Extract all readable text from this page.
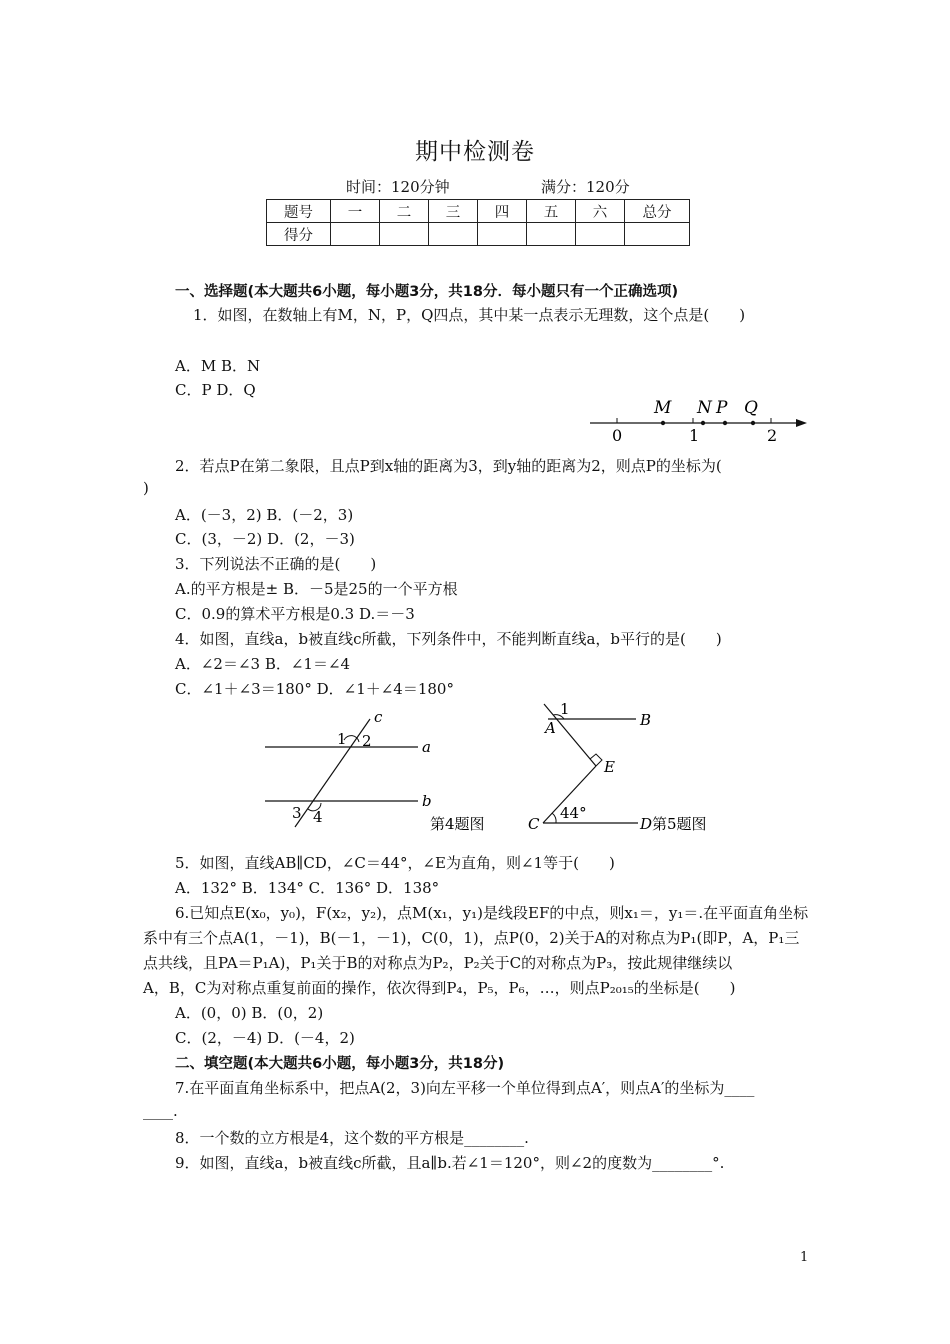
期中检测卷
时间：120分钟	满分：120分
题号	一	二	三	四	五	六	总分
得分							
一、选择题(本大题共6小题，每小题3分，共18分．每小题只有一个正确选项)
1．如图，在数轴上有M，N，P，Q四点，其中某一点表示无理数，这个点是(　　)
A．M B．N
C．P D．Q
M N P Q
0	1	2
2．若点P在第二象限，且点P到x轴的距离为3，到y轴的距离为2，则点P的坐标为(
)
A．(－3，2) B．(－2，3)
C．(3，－2) D．(2，－3)
3．下列说法不正确的是(　　)
A.的平方根是± B．－5是25的一个平方根
C．0.9的算术平方根是0.3 D.＝－3
4．如图，直线a，b被直线c所截，下列条件中，不能判断直线a，b平行的是(　　)
A．∠2＝∠3 B．∠1＝∠4
C．∠1＋∠3＝180° D．∠1＋∠4＝180°
c
1 2	a
3 4
b
第4题图
1
A	B
E
C
44°
D 第5题图
5．如图，直线AB∥CD，∠C＝44°，∠E为直角，则∠1等于(　　)
A．132° B．134° C．136° D．138°
6.已知点E(x₀，y₀)，F(x₂，y₂)，点M(x₁，y₁)是线段EF的中点，则x₁＝，y₁＝.在平面直角坐标
系中有三个点A(1，－1)，B(－1，－1)，C(0，1)，点P(0，2)关于A的对称点为P₁(即P，A，P₁三
点共线，且PA＝P₁A)，P₁关于B的对称点为P₂，P₂关于C的对称点为P₃，按此规律继续以
A，B，C为对称点重复前面的操作，依次得到P₄，P₅，P₆，…，则点P₂₀₁₅的坐标是(　　)
A．(0，0) B．(0，2)
C．(2，－4) D．(－4，2)
二、填空题(本大题共6小题，每小题3分，共18分)
7.在平面直角坐标系中，把点A(2，3)向左平移一个单位得到点A′，则点A′的坐标为____
____.
8．一个数的立方根是4，这个数的平方根是________.
9．如图，直线a，b被直线c所截，且a∥b.若∠1＝120°，则∠2的度数为________°.
1
